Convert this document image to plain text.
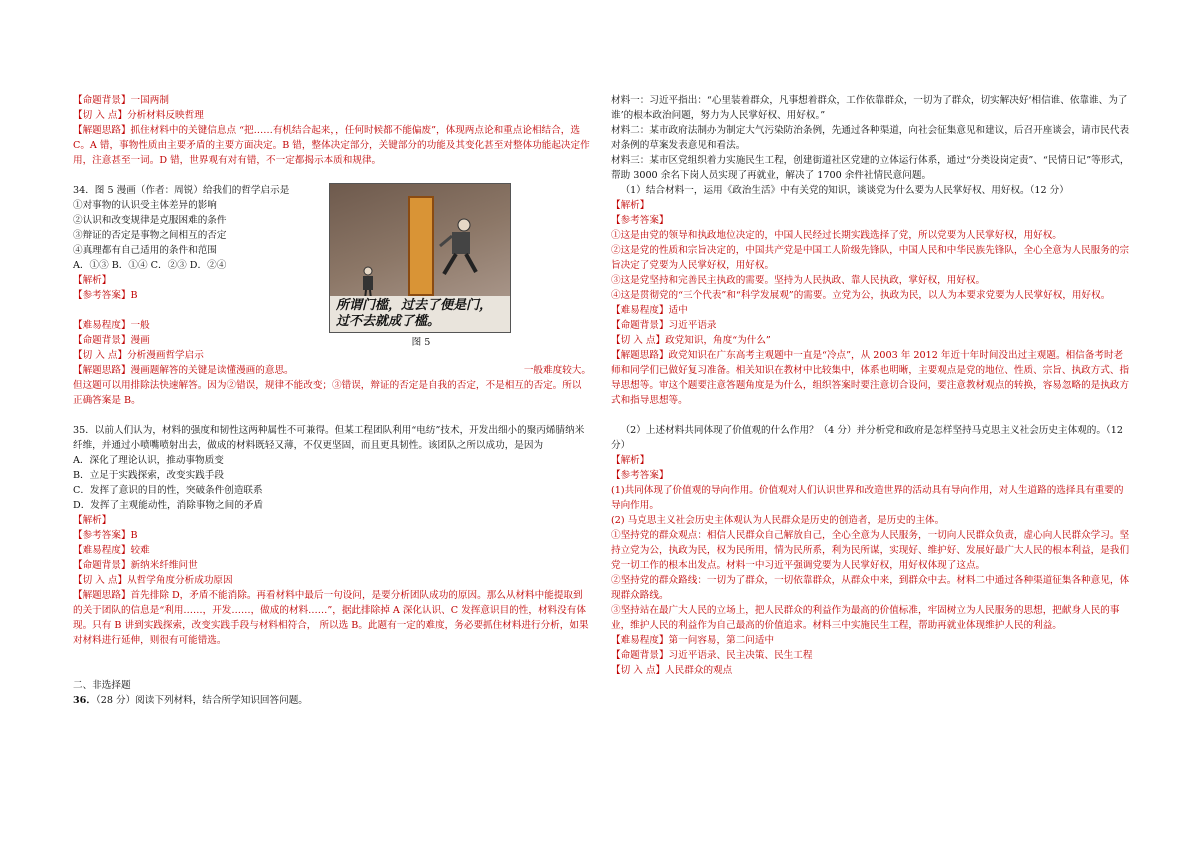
【命题背景】一国两制

【切 入 点】分析材料反映哲理

【解题思路】抓住材料中的关键信息点 “把……有机结合起来，，任何时候都不能偏废”，体现两点论和重点论相结合，选 C。A 错，事物性质由主要矛盾的主要方面决定。B 错，整体决定部分，关键部分的功能及其变化甚至对整体功能起决定作用，注意甚至一词。D 错，世界观有对有错，不一定都揭示本质和规律。

34．图 5 漫画（作者：周锐）给我们的哲学启示是

①对事物的认识受主体差异的影响

②认识和改变规律是克服困难的条件

③辩证的否定是事物之间相互的否定

④真理都有自己适用的条件和范围

A．①③ B．①④ C．②③ D．②④

【解析】

【参考答案】B

所谓门槛，过去了便是门，
过不去就成了槛。
图 5

【难易程度】一般

【命题背景】漫画

【切 入 点】分析漫画哲学启示

【解题思路】漫画题解答的关键是读懂漫画的意思。	一般难度较大。

但这题可以用排除法快速解答。因为②错误，规律不能改变；③错误，辩证的否定是自我的否定，不是相互的否定。所以正确答案是 B。

35．以前人们认为，材料的强度和韧性这两种属性不可兼得。但某工程团队利用“电纺”技术，开发出细小的聚丙烯腈纳米纤维，并通过小喷嘴喷射出去，做成的材料既轻又薄，不仅更坚固，而且更具韧性。该团队之所以成功，是因为

A．深化了理论认识，推动事物质变

B．立足于实践探索，改变实践手段

C．发挥了意识的目的性，突破条件创造联系

D．发挥了主观能动性，消除事物之间的矛盾

【解析】

【参考答案】B

【难易程度】较难

【命题背景】新纳米纤维问世

【切 入 点】从哲学角度分析成功原因

【解题思路】首先排除 D，矛盾不能消除。再看材料中最后一句设问，是要分析团队成功的原因。那么从材料中能提取到的关于团队的信息是“利用……，开发……，做成的材料……”，据此排除掉 A 深化认识、C 发挥意识目的性，材料没有体现。只有 B 讲到实践探索，改变实践手段与材料相符合， 所以选 B。此题有一定的难度，务必要抓住材料进行分析，如果对材料进行延伸，则很有可能错选。

二、非选择题

36．（28 分）阅读下列材料，结合所学知识回答问题。

材料一：习近平指出：“心里装着群众，凡事想着群众，工作依靠群众，一切为了群众，切实解决好‘相信谁、依靠谁、为了谁’的根本政治问题，努力为人民掌好权、用好权。”

材料二：某市政府法制办为制定大气污染防治条例，先通过各种渠道，向社会征集意见和建议，后召开座谈会，请市民代表对条例的草案发表意见和看法。

材料三：某市区党组织着力实施民生工程，创建街道社区党建的立体运行体系，通过“分类设岗定责”、“民情日记”等形式，帮助 3000 余名下岗人员实现了再就业，解决了 1700 余件社情民意问题。

（1）结合材料一，运用《政治生活》中有关党的知识，谈谈党为什么要为人民掌好权、用好权。（12 分）

【解析】

【参考答案】

①这是由党的领导和执政地位决定的，中国人民经过长期实践选择了党，所以党要为人民掌好权，用好权。

②这是党的性质和宗旨决定的，中国共产党是中国工人阶级先锋队，中国人民和中华民族先锋队，全心全意为人民服务的宗旨决定了党要为人民掌好权，用好权。

③这是党坚持和完善民主执政的需要。坚持为人民执政、靠人民执政，掌好权，用好权。

④这是贯彻党的“三个代表”和“科学发展观”的需要。立党为公，执政为民，以人为本要求党要为人民掌好权，用好权。

【难易程度】适中

【命题背景】习近平语录

【切 入 点】政党知识，角度“为什么”

【解题思路】政党知识在广东高考主观题中一直是“冷点”，从 2003 年 2012 年近十年时间没出过主观题。相信备考时老师和同学们已做好复习准备。相关知识在教材中比较集中，体系也明晰，主要观点是党的地位、性质、宗旨、执政方式、指导思想等。审这个题要注意答题角度是为什么，组织答案时要注意切合设问，要注意教材观点的转换，容易忽略的是执政方式和指导思想等。

（2）上述材料共同体现了价值观的什么作用？（4 分）并分析党和政府是怎样坚持马克思主义社会历史主体观的。（12 分）

【解析】

【参考答案】

(1)共同体现了价值观的导向作用。价值观对人们认识世界和改造世界的活动具有导向作用，对人生道路的选择具有重要的导向作用。

(2) 马克思主义社会历史主体观认为人民群众是历史的创造者，是历史的主体。

①坚持党的群众观点：相信人民群众自己解放自己，全心全意为人民服务，一切向人民群众负责，虚心向人民群众学习。坚持立党为公，执政为民，权为民所用，情为民所系，利为民所谋，实现好、维护好、发展好最广大人民的根本利益，是我们党一切工作的根本出发点。材料一中习近平强调党要为人民掌好权，用好权体现了这点。

②坚持党的群众路线：一切为了群众，一切依靠群众，从群众中来，到群众中去。材料二中通过各种渠道征集各种意见，体现群众路线。

③坚持站在最广大人民的立场上，把人民群众的利益作为最高的价值标准，牢固树立为人民服务的思想，把献身人民的事业，维护人民的利益作为自己最高的价值追求。材料三中实施民生工程，帮助再就业体现维护人民的利益。

【难易程度】第一问容易，第二问适中

【命题背景】习近平语录、民主决策、民生工程

【切 入 点】人民群众的观点
